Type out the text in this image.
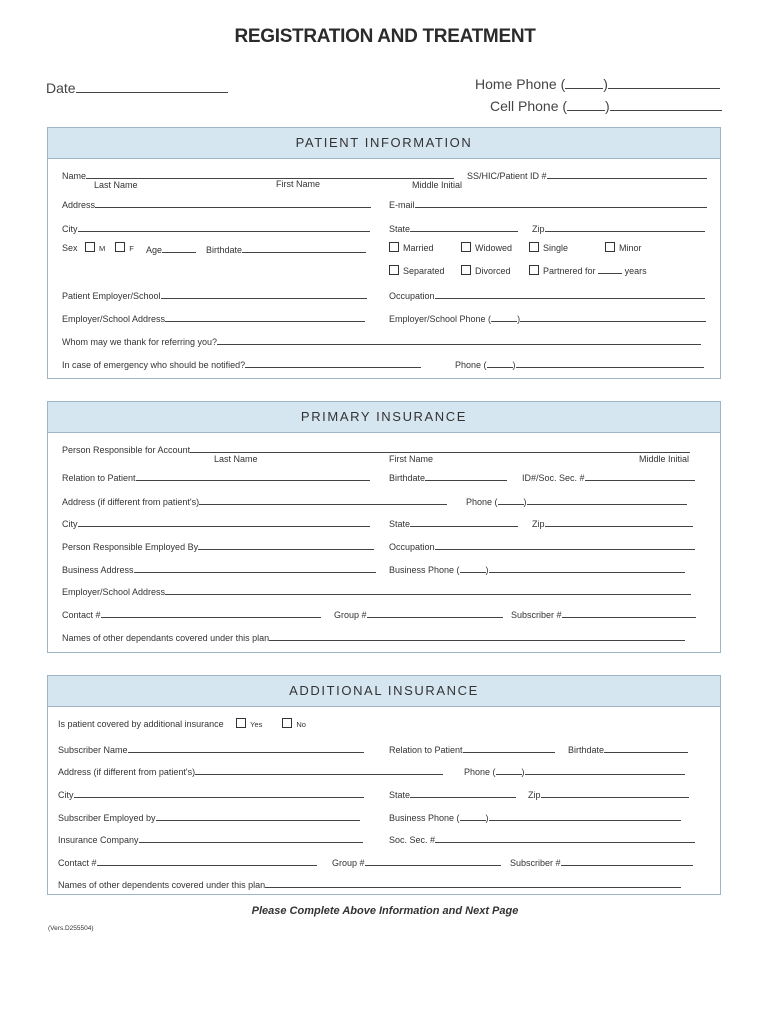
REGISTRATION AND TREATMENT
Date	Home Phone (	)
Cell Phone (	)
PATIENT INFORMATION
Name
Last Name	First Name	Middle Initial
SS/HIC/Patient ID #
Address	E-mail
City	State	Zip
Sex	M	F Age	Birthdate	Married	Widowed	Single	Minor
Separated	Divorced	Partnered for	years
Patient Employer/School	Occupation
Employer/School Address	Employer/School Phone (	)
Whom may we thank for referring you?
In case of emergency who should be notified?	Phone (	)
PRIMARY INSURANCE
Person Responsible for Account
Last Name	First Name	Middle Initial
Relation to Patient	Birthdate	ID#/Soc. Sec. #
Address (if different from patient's)	Phone (	)
City	State	Zip
Person Responsible Employed By	Occupation
Business Address	Business Phone (	)
Employer/School Address
Contact #	Group #	Subscriber #
Names of other dependants covered under this plan
ADDITIONAL INSURANCE
Is patient covered by additional insurance	Yes	No
Subscriber Name	Relation to Patient	Birthdate
Address (if different from patient's)	Phone (	)
City	State	Zip
Subscriber Employed by	Business Phone (	)
Insurance Company	Soc. Sec. #
Contact #	Group #	Subscriber #
Names of other dependents covered under this plan
Please Complete Above Information and Next Page
(Vers.D255504)
